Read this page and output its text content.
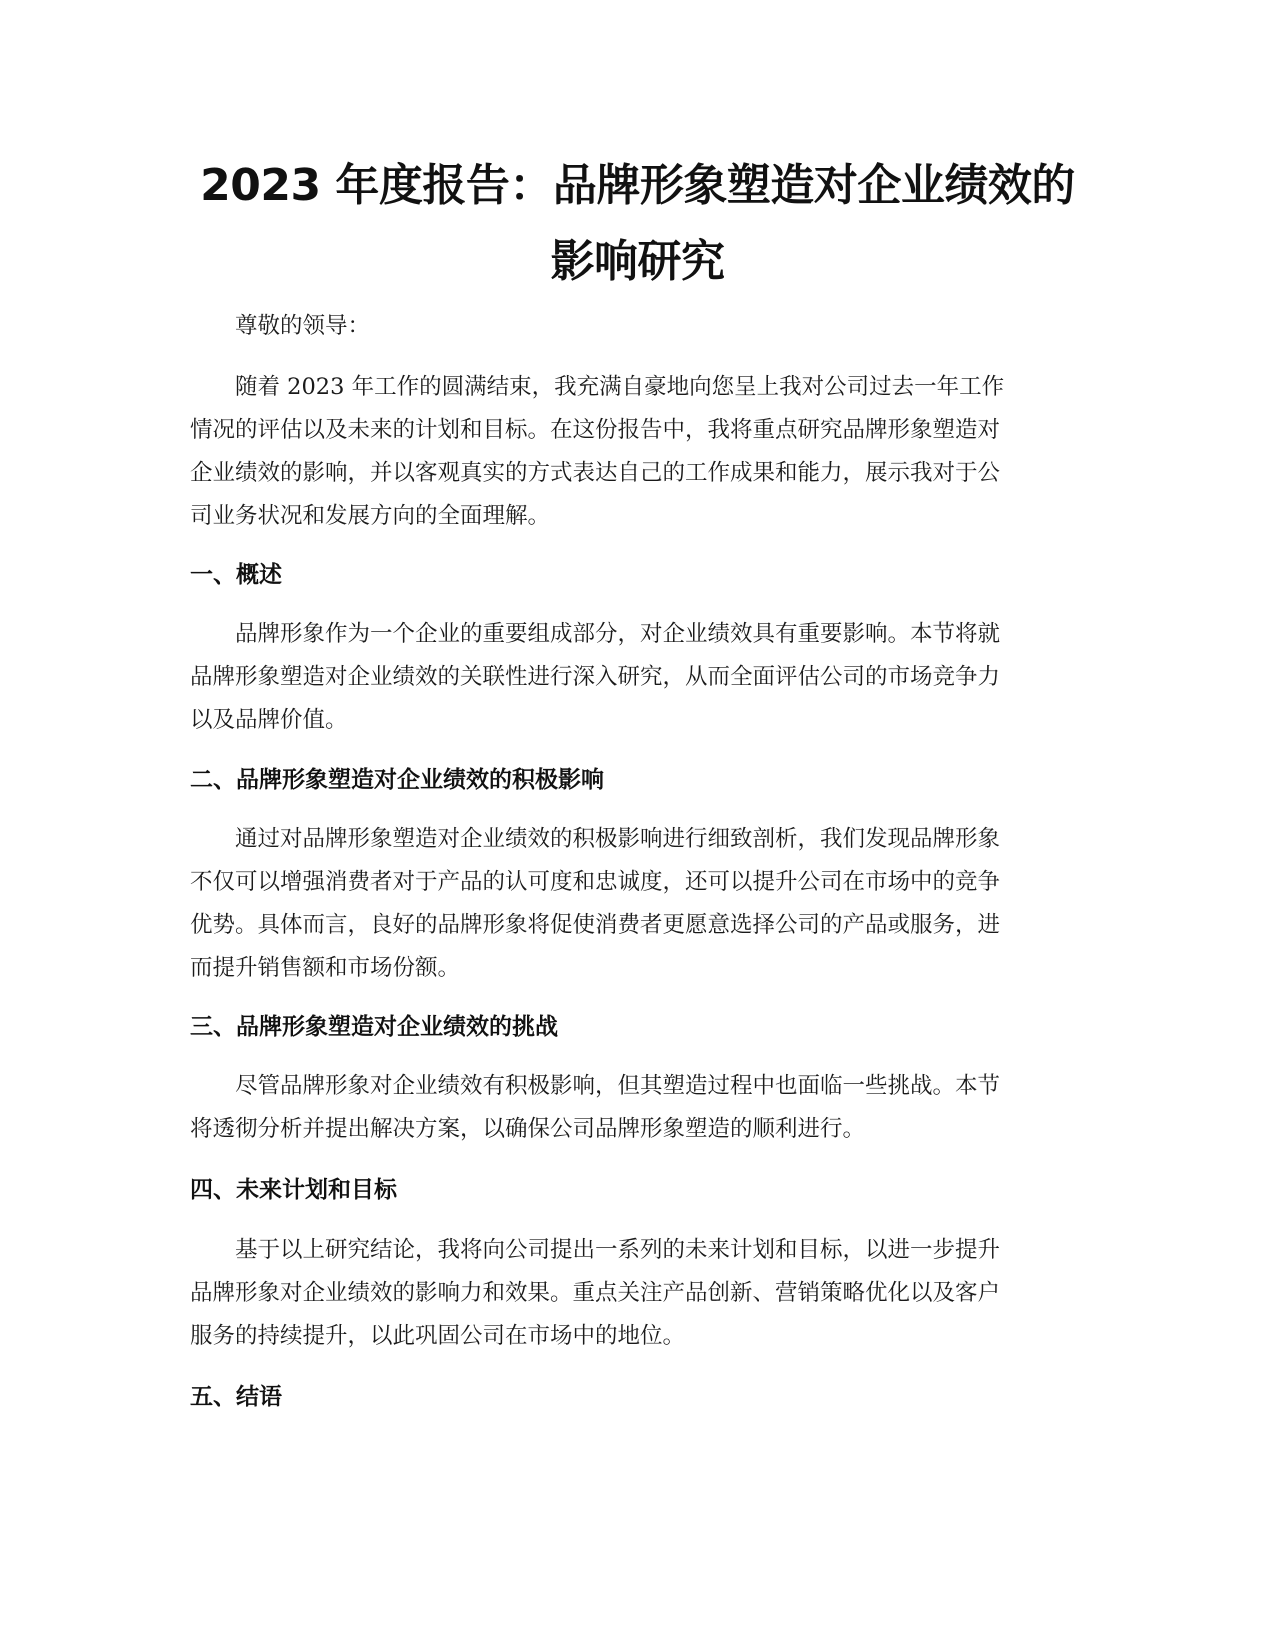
2023 年度报告：品牌形象塑造对企业绩效的
影响研究

尊敬的领导：

随着 2023 年工作的圆满结束，我充满自豪地向您呈上我对公司过去一年工作
情况的评估以及未来的计划和目标。在这份报告中，我将重点研究品牌形象塑造对
企业绩效的影响，并以客观真实的方式表达自己的工作成果和能力，展示我对于公
司业务状况和发展方向的全面理解。

一、概述

品牌形象作为一个企业的重要组成部分，对企业绩效具有重要影响。本节将就
品牌形象塑造对企业绩效的关联性进行深入研究，从而全面评估公司的市场竞争力
以及品牌价值。

二、品牌形象塑造对企业绩效的积极影响

通过对品牌形象塑造对企业绩效的积极影响进行细致剖析，我们发现品牌形象
不仅可以增强消费者对于产品的认可度和忠诚度，还可以提升公司在市场中的竞争
优势。具体而言，良好的品牌形象将促使消费者更愿意选择公司的产品或服务，进
而提升销售额和市场份额。

三、品牌形象塑造对企业绩效的挑战

尽管品牌形象对企业绩效有积极影响，但其塑造过程中也面临一些挑战。本节
将透彻分析并提出解决方案，以确保公司品牌形象塑造的顺利进行。

四、未来计划和目标

基于以上研究结论，我将向公司提出一系列的未来计划和目标，以进一步提升
品牌形象对企业绩效的影响力和效果。重点关注产品创新、营销策略优化以及客户
服务的持续提升，以此巩固公司在市场中的地位。

五、结语
